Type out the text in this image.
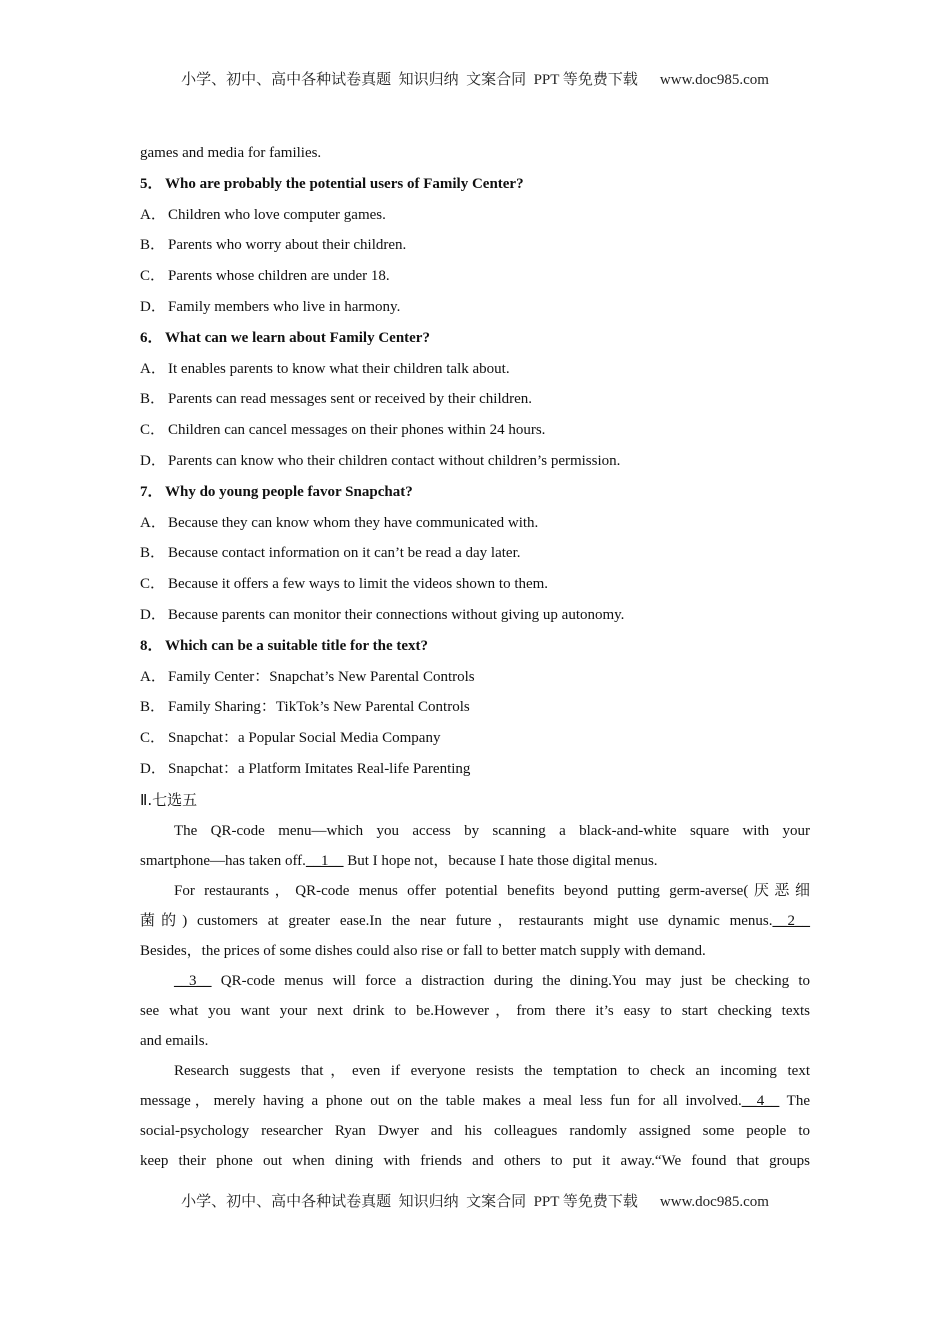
小学、初中、高中各种试卷真题  知识归纳  文案合同  PPT 等免费下载 www.doc985.com
games and media for families.
5． Who are probably the potential users of Family Center?
A． Children who love computer games.
B． Parents who worry about their children.
C． Parents whose children are under 18.
D． Family members who live in harmony.
6． What can we learn about Family Center?
A． It enables parents to know what their children talk about.
B． Parents can read messages sent or received by their children.
C． Children can cancel messages on their phones within 24 hours.
D． Parents can know who their children contact without children’s permission.
7． Why do young people favor Snapchat?
A． Because they can know whom they have communicated with.
B． Because contact information on it can’t be read a day later.
C． Because it offers a few ways to limit the videos shown to them.
D． Because parents can monitor their connections without giving up autonomy.
8． Which can be a suitable title for the text?
A． Family Center：Snapchat’s New Parental Controls
B． Family Sharing：TikTok’s New Parental Controls
C． Snapchat：a Popular Social Media Company
D． Snapchat：a Platform Imitates Real-life Parenting
Ⅱ.七选五
The QR-code menu—which you access by scanning a black-and-white square with your
smartphone—has taken off.__1__ But I hope not，because I hate those digital menus.
For restaurants，QR-code menus offer potential benefits beyond putting germ-averse(厌恶细
菌的) customers at greater ease.In the near future，restaurants might use dynamic menus.__2__
Besides，the prices of some dishes could also rise or fall to better match supply with demand.
__3__ QR-code menus will force a distraction during the dining.You may just be checking to
see what you want your next drink to be.However，from there it’s easy to start checking texts
and emails.
Research suggests that，even if everyone resists the temptation to check an incoming text
message，merely having a phone out on the table makes a meal less fun for all involved.__4__ The
social-psychology researcher Ryan Dwyer and his colleagues randomly assigned some people to
keep their phone out when dining with friends and others to put it away.“We found that groups
小学、初中、高中各种试卷真题  知识归纳  文案合同  PPT 等免费下载 www.doc985.com
